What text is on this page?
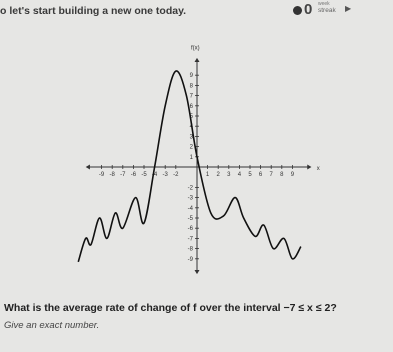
o let's start building a new one today.	0 week
streak ▶
f(x)
x
-9 -8 -7 -6 -5 -4 -3 -2	1 2 3 4 5 6 7 8 9
9
8
7
6
5
4
3
2
1
-2
-3
-4
-5
-6
-7
-8
-9
What is the average rate of change of f over the interval −7 ≤ x ≤ 2?
Give an exact number.
